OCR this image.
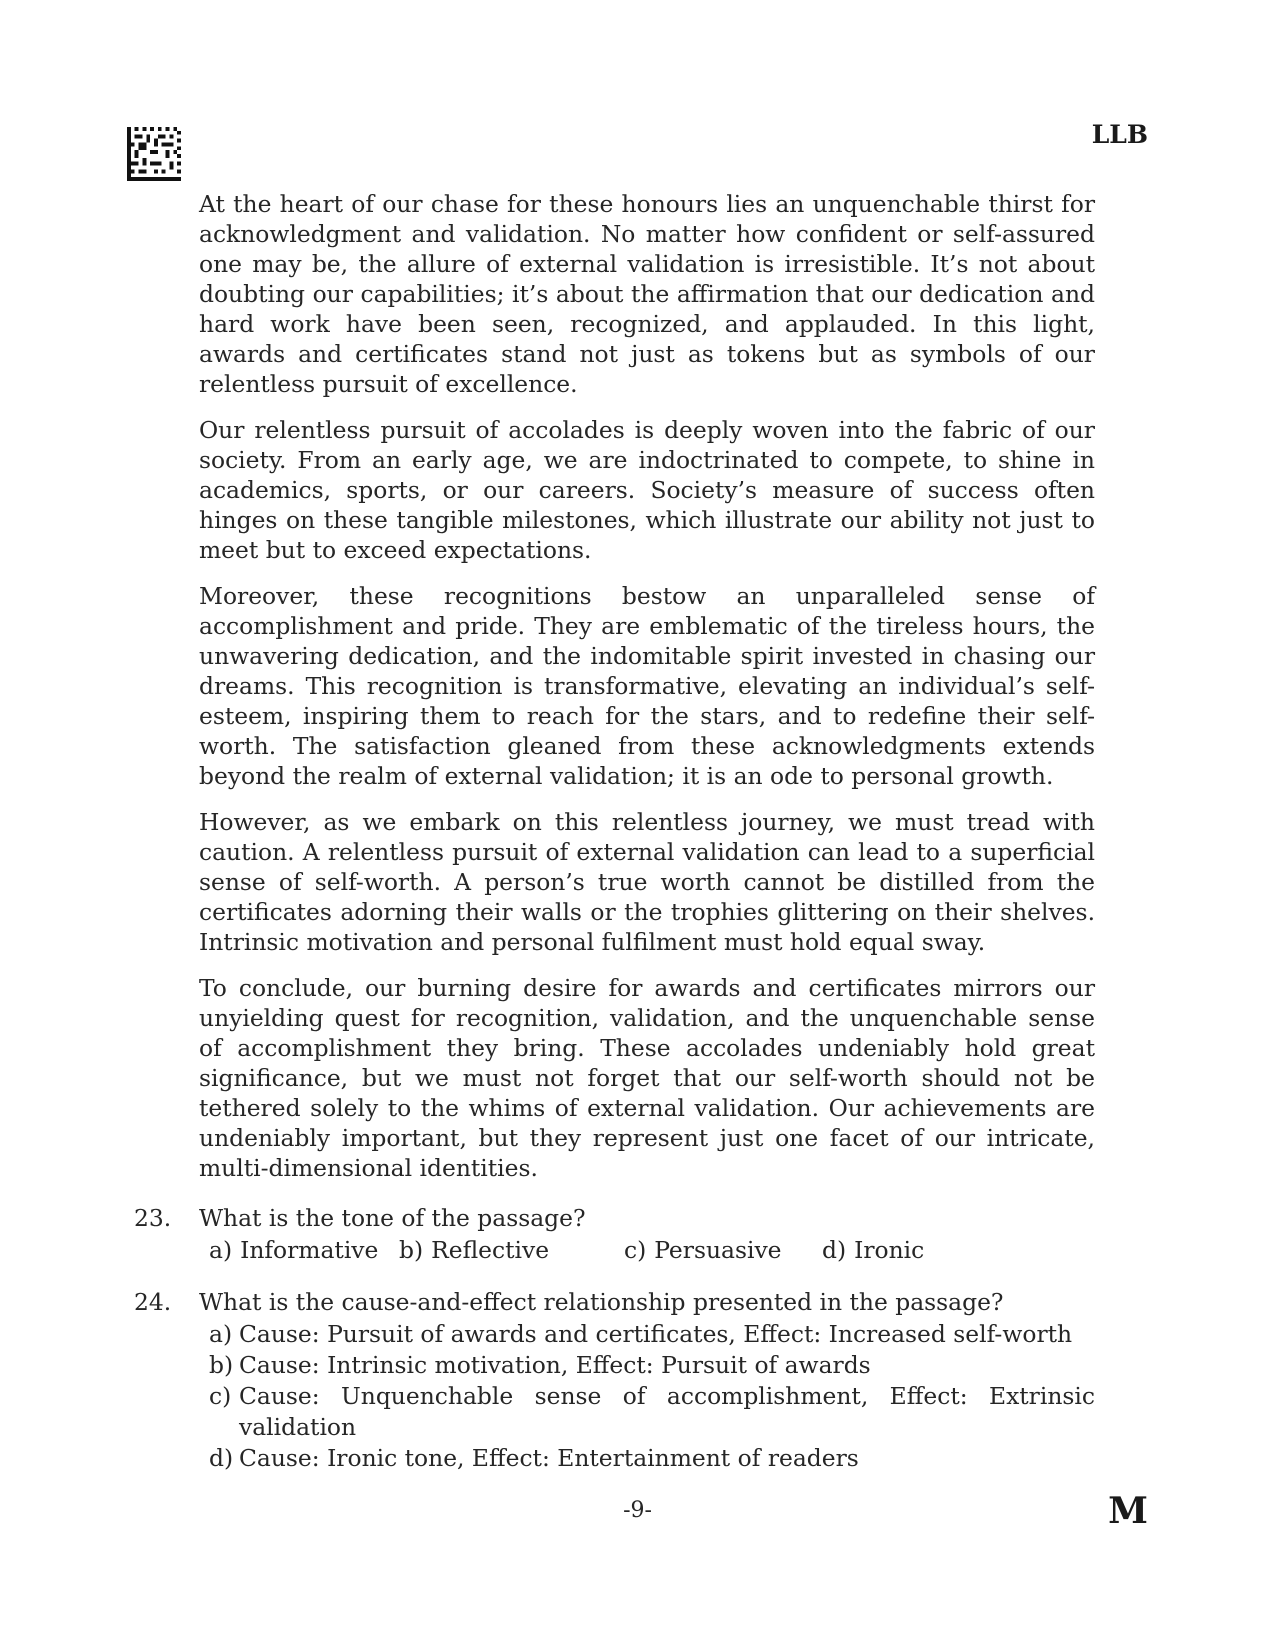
LLB

At the heart of our chase for these honours lies an unquenchable thirst for acknowledgment and validation. No matter how confident or self-assured one may be, the allure of external validation is irresistible. It’s not about doubting our capabilities; it’s about the affirmation that our dedication and hard work have been seen, recognized, and applauded. In this light, awards and certificates stand not just as tokens but as symbols of our relentless pursuit of excellence.

Our relentless pursuit of accolades is deeply woven into the fabric of our society. From an early age, we are indoctrinated to compete, to shine in academics, sports, or our careers. Society’s measure of success often hinges on these tangible milestones, which illustrate our ability not just to meet but to exceed expectations.

Moreover, these recognitions bestow an unparalleled sense of accomplishment and pride. They are emblematic of the tireless hours, the unwavering dedication, and the indomitable spirit invested in chasing our dreams. This recognition is transformative, elevating an individual’s self-esteem, inspiring them to reach for the stars, and to redefine their self-worth. The satisfaction gleaned from these acknowledgments extends beyond the realm of external validation; it is an ode to personal growth.

However, as we embark on this relentless journey, we must tread with caution. A relentless pursuit of external validation can lead to a superficial sense of self-worth. A person’s true worth cannot be distilled from the certificates adorning their walls or the trophies glittering on their shelves. Intrinsic motivation and personal fulfilment must hold equal sway.

To conclude, our burning desire for awards and certificates mirrors our unyielding quest for recognition, validation, and the unquenchable sense of accomplishment they bring. These accolades undeniably hold great significance, but we must not forget that our self-worth should not be tethered solely to the whims of external validation. Our achievements are undeniably important, but they represent just one facet of our intricate, multi-dimensional identities.

23.	What is the tone of the passage?
a) Informative b) Reflective	c) Persuasive d) Ironic
24.	What is the cause-and-effect relationship presented in the passage?
a) Cause: Pursuit of awards and certificates, Effect: Increased self-worth
b) Cause: Intrinsic motivation, Effect: Pursuit of awards
c) Cause: Unquenchable sense of accomplishment, Effect: Extrinsic validation
d) Cause: Ironic tone, Effect: Entertainment of readers
-9-	M
